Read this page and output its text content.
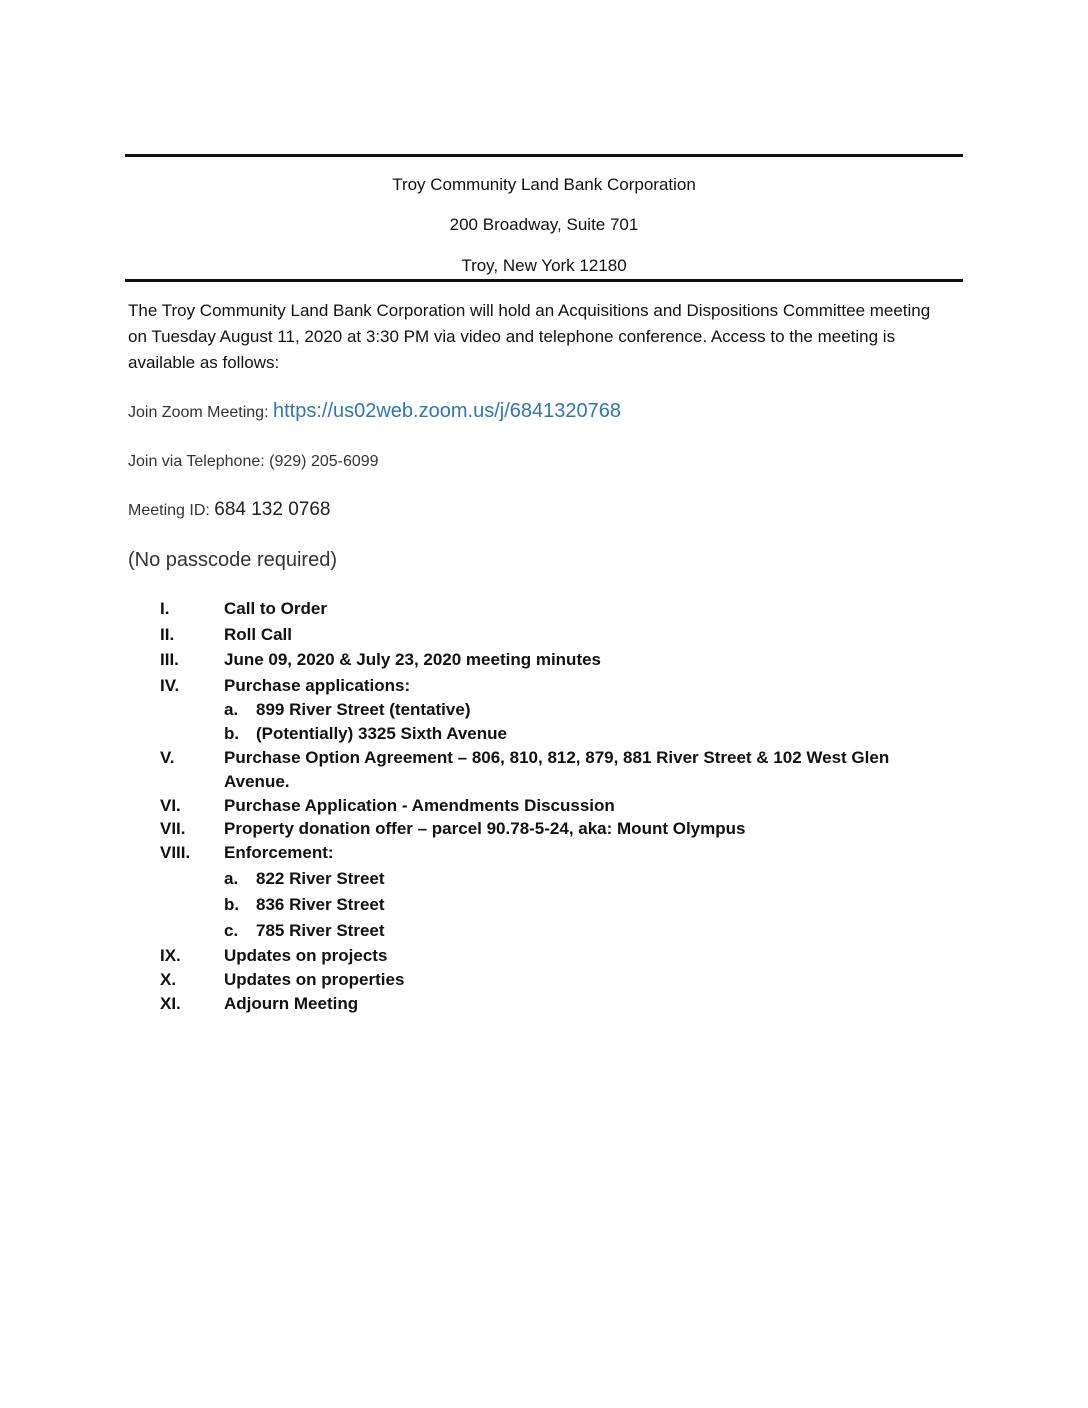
Troy Community Land Bank Corporation
200 Broadway, Suite 701
Troy, New York 12180
The Troy Community Land Bank Corporation will hold an Acquisitions and Dispositions Committee meeting on Tuesday August 11, 2020 at 3:30 PM via video and telephone conference. Access to the meeting is available as follows:
Join Zoom Meeting: https://us02web.zoom.us/j/6841320768
Join via Telephone: (929) 205-6099
Meeting ID: 684 132 0768
(No passcode required)
I.	Call to Order
II.	Roll Call
III.	June 09, 2020 & July 23, 2020 meeting minutes
IV.	Purchase applications:
a. 899 River Street (tentative)
b. (Potentially) 3325 Sixth Avenue
V.	Purchase Option Agreement – 806, 810, 812, 879, 881 River Street & 102 West Glen Avenue.
VI.	Purchase Application - Amendments Discussion
VII. Property donation offer – parcel 90.78-5-24, aka: Mount Olympus
VIII. Enforcement:
a. 822 River Street
b. 836 River Street
c. 785 River Street
IX.	Updates on projects
X.	Updates on properties
XI.	Adjourn Meeting
